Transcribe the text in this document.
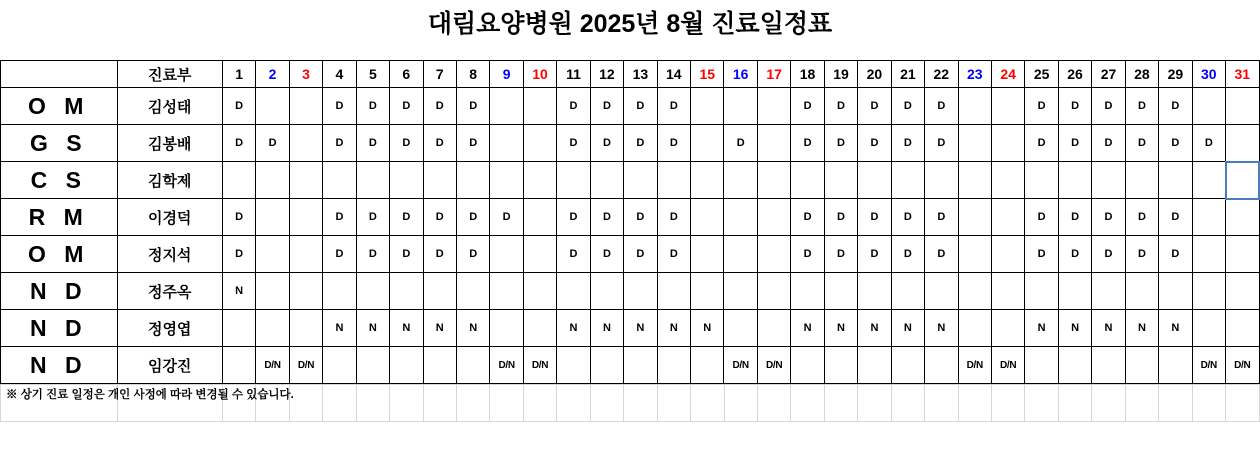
대림요양병원 2025년 8월 진료일정표
	진료부	1	2	3	4	5	6	7	8	9	10	11	12	13	14	15	16	17	18	19	20	21	22	23	24	25	26	27	28	29	30	31
O M	김성태	D			D	D	D	D	D			D	D	D	D				D	D	D	D	D			D	D	D	D	D		
G S	김봉배	D	D		D	D	D	D	D			D	D	D	D		D		D	D	D	D	D			D	D	D	D	D	D	
C S	김학제																															
R M	이경덕	D			D	D	D	D	D	D		D	D	D	D				D	D	D	D	D			D	D	D	D	D		
O M	정지석	D			D	D	D	D	D			D	D	D	D				D	D	D	D	D			D	D	D	D	D		
N D	정주옥	N																														
N D	정영엽				N	N	N	N	N			N	N	N	N	N			N	N	N	N	N			N	N	N	N	N		
N D	임강진		D/N	D/N						D/N	D/N						D/N	D/N						D/N	D/N						D/N	D/N

※ 상기 진료 일정은 개인 사정에 따라 변경될 수 있습니다.
